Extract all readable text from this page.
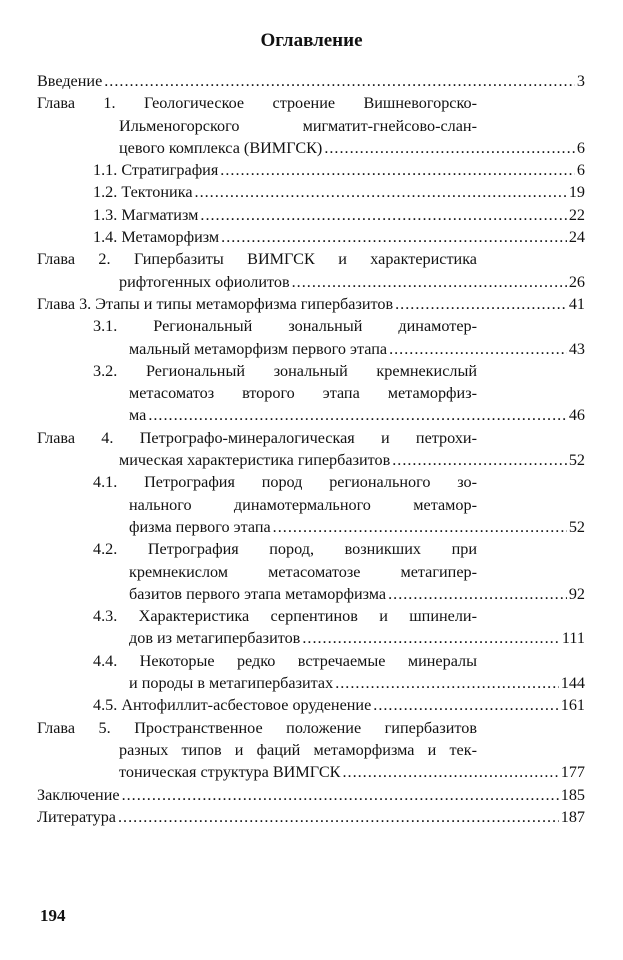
Оглавление
Введение .....	3
Глава 1. Геологическое строение Вишневогорско-
Ильменогорского мигматит-гнейсово-слан-
цевого комплекса (ВИМГСК) .....	6
1.1. Стратиграфия .....	6
1.2. Тектоника .....	19
1.3. Магматизм .....	22
1.4. Метаморфизм .....	24
Глава 2. Гипербазиты ВИМГСК и характеристика
рифтогенных офиолитов .....	26
Глава 3. Этапы и типы метаморфизма гипербазитов .....	41
3.1. Региональный зональный динамотер-
мальный метаморфизм первого этапа .....	43
3.2. Региональный зональный кремнекислый
метасоматоз второго этапа метаморфиз-
ма .....	46
Глава 4. Петрографо-минералогическая и петрохи-
мическая характеристика гипербазитов .....	52
4.1. Петрография пород регионального зо-
нального динамотермального метамор-
физма первого этапа .....	52
4.2. Петрография пород, возникших при
кремнекислом метасоматозе метагипер-
базитов первого этапа метаморфизма .....	92
4.3. Характеристика серпентинов и шпинели-
дов из метагипербазитов .....	111
4.4. Некоторые редко встречаемые минералы
и породы в метагипербазитах .....	144
4.5. Антофиллит-асбестовое оруденение .....	161
Глава 5. Пространственное положение гипербазитов
разных типов и фаций метаморфизма и тек-
тоническая структура ВИМГСК .....	177
Заключение .....	185
Литература .....	187
194
